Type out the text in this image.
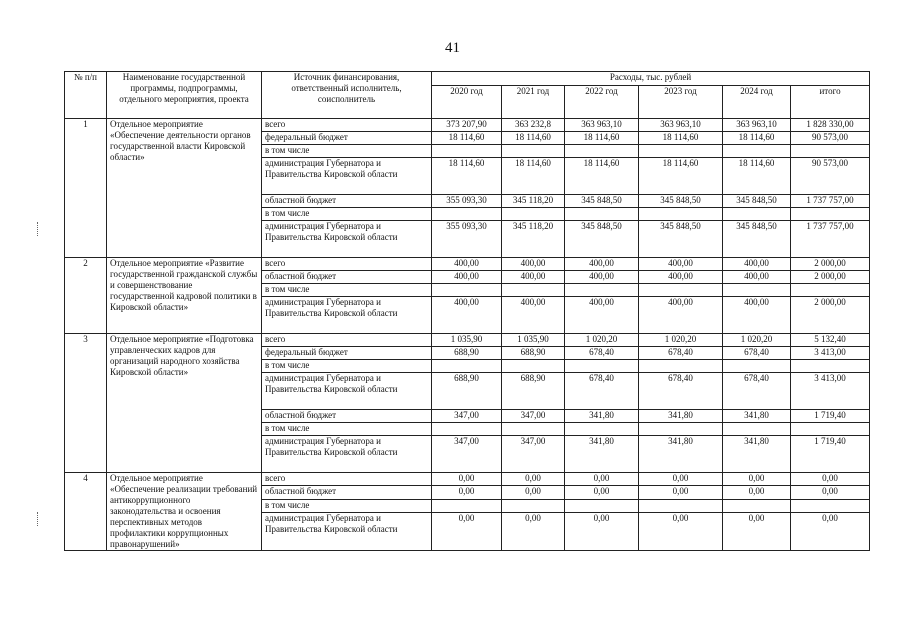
41
№ п/п	Наименование государственной программы, подпрограммы, отдельного мероприятия, проекта	Источник финансирования, ответственный исполнитель, соисполнитель	Расходы, тыс. рублей					
			2020 год	2021 год	2022 год	2023 год	2024 год	итого
1	Отдельное мероприятие «Обеспечение деятельности органов государственной власти Кировской области»	всего	373 207,90	363 232,8	363 963,10	363 963,10	363 963,10	1 828 330,00
		федеральный бюджет	18 114,60	18 114,60	18 114,60	18 114,60	18 114,60	90 573,00
		в том числе						
		администрация Губернатора и Правительства Кировской области	18 114,60	18 114,60	18 114,60	18 114,60	18 114,60	90 573,00
		областной бюджет	355 093,30	345 118,20	345 848,50	345 848,50	345 848,50	1 737 757,00
		в том числе						
		администрация Губернатора и Правительства Кировской области	355 093,30	345 118,20	345 848,50	345 848,50	345 848,50	1 737 757,00
2	Отдельное мероприятие «Развитие государственной гражданской службы и совершенствование государственной кадровой политики в Кировской области»	всего	400,00	400,00	400,00	400,00	400,00	2 000,00
		областной бюджет	400,00	400,00	400,00	400,00	400,00	2 000,00
		в том числе						
		администрация Губернатора и Правительства Кировской области	400,00	400,00	400,00	400,00	400,00	2 000,00
3	Отдельное мероприятие «Подготовка управленческих кадров для организаций народного хозяйства Кировской области»	всего	1 035,90	1 035,90	1 020,20	1 020,20	1 020,20	5 132,40
		федеральный бюджет	688,90	688,90	678,40	678,40	678,40	3 413,00
		в том числе						
		администрация Губернатора и Правительства Кировской области	688,90	688,90	678,40	678,40	678,40	3 413,00
		областной бюджет	347,00	347,00	341,80	341,80	341,80	1 719,40
		в том числе						
		администрация Губернатора и Правительства Кировской области	347,00	347,00	341,80	341,80	341,80	1 719,40
4	Отдельное мероприятие «Обеспечение реализации требований антикоррупционного законодательства и освоения перспективных методов профилактики коррупционных правонарушений»	всего	0,00	0,00	0,00	0,00	0,00	0,00
		областной бюджет	0,00	0,00	0,00	0,00	0,00	0,00
		в том числе						
		администрация Губернатора и Правительства Кировской области	0,00	0,00	0,00	0,00	0,00	0,00
